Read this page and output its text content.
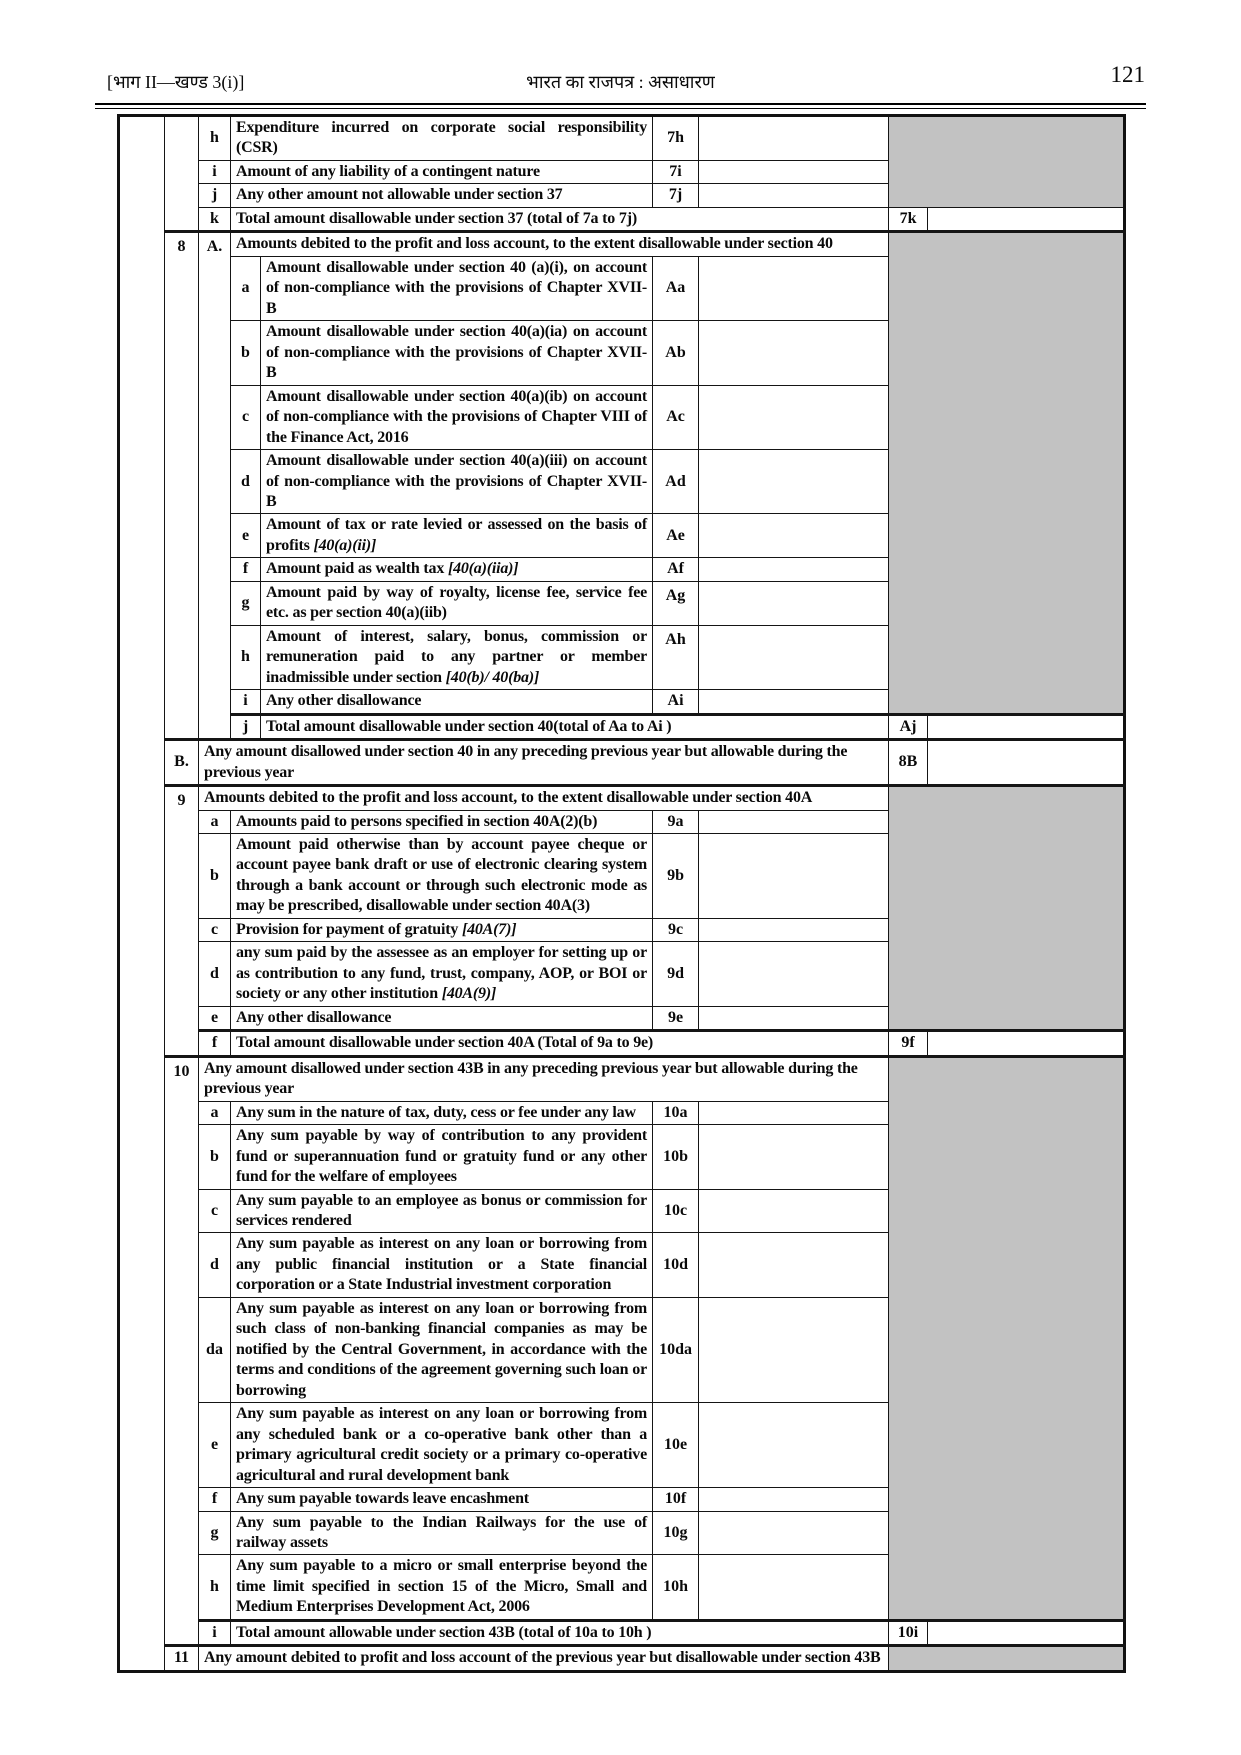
[भाग II—खण्ड 3(i)]	भारत का राजपत्र : असाधारण	121
		h	Expenditure incurred on corporate social responsibility (CSR)		7h			
		i	Amount of any liability of a contingent nature		7i			
		j	Any other amount not allowable under section 37		7j			
		k	Total amount disallowable under section 37 (total of 7a to 7j)				7k	
	8	A.	Amounts debited to the profit and loss account, to the extent disallowable under section 40					
			a	Amount disallowable under section 40 (a)(i), on account of non-compliance with the provisions of Chapter XVII-B	Aa			
			b	Amount disallowable under section 40(a)(ia) on account of non-compliance with the provisions of Chapter XVII-B	Ab			
			c	Amount disallowable under section 40(a)(ib) on account of non-compliance with the provisions of Chapter VIII of the Finance Act, 2016	Ac			
			d	Amount disallowable under section 40(a)(iii) on account of non-compliance with the provisions of Chapter XVII-B	Ad			
			e	Amount of tax or rate levied or assessed on the basis of profits [40(a)(ii)]	Ae			
			f	Amount paid as wealth tax [40(a)(iia)]	Af			
			g	Amount paid by way of royalty, license fee, service fee etc. as per section 40(a)(iib)	Ag			
			h	Amount of interest, salary, bonus, commission or remuneration paid to any partner or member inadmissible under section [40(b)/ 40(ba)]	Ah			
			i	Any other disallowance	Ai			
			j	Total amount disallowable under section 40(total of Aa to Ai )			Aj	
	B.	Any amount disallowed under section 40 in any preceding previous year but allowable during the previous year					8B	
	9	Amounts debited to the profit and loss account, to the extent disallowable under section 40A						
		a	Amounts paid to persons specified in section 40A(2)(b)		9a			
		b	Amount paid otherwise than by account payee cheque or account payee bank draft or use of electronic clearing system through a bank account or through such electronic mode as may be prescribed, disallowable under section 40A(3)		9b			
		c	Provision for payment of gratuity [40A(7)]		9c			
		d	any sum paid by the assessee as an employer for setting up or as contribution to any fund, trust, company, AOP, or BOI or society or any other institution [40A(9)]		9d			
		e	Any other disallowance		9e			
		f	Total amount disallowable under section 40A (Total of 9a to 9e)				9f	
	10	Any amount disallowed under section 43B in any preceding previous year but allowable during the previous year						
		a	Any sum in the nature of tax, duty, cess or fee under any law		10a			
		b	Any sum payable by way of contribution to any provident fund or superannuation fund or gratuity fund or any other fund for the welfare of employees		10b			
		c	Any sum payable to an employee as bonus or commission for services rendered		10c			
		d	Any sum payable as interest on any loan or borrowing from any public financial institution or a State financial corporation or a State Industrial investment corporation		10d			
		da	Any sum payable as interest on any loan or borrowing from such class of non-banking financial companies as may be notified by the Central Government, in accordance with the terms and conditions of the agreement governing such loan or borrowing		10da			
		e	Any sum payable as interest on any loan or borrowing from any scheduled bank or a co-operative bank other than a primary agricultural credit society or a primary co-operative agricultural and rural development bank		10e			
		f	Any sum payable towards leave encashment		10f			
		g	Any sum payable to the Indian Railways for the use of railway assets		10g			
		h	Any sum payable to a micro or small enterprise beyond the time limit specified in section 15 of the Micro, Small and Medium Enterprises Development Act, 2006		10h			
		i	Total amount allowable under section 43B (total of 10a to 10h )				10i	
	11	Any amount debited to profit and loss account of the previous year but disallowable under section 43B						
